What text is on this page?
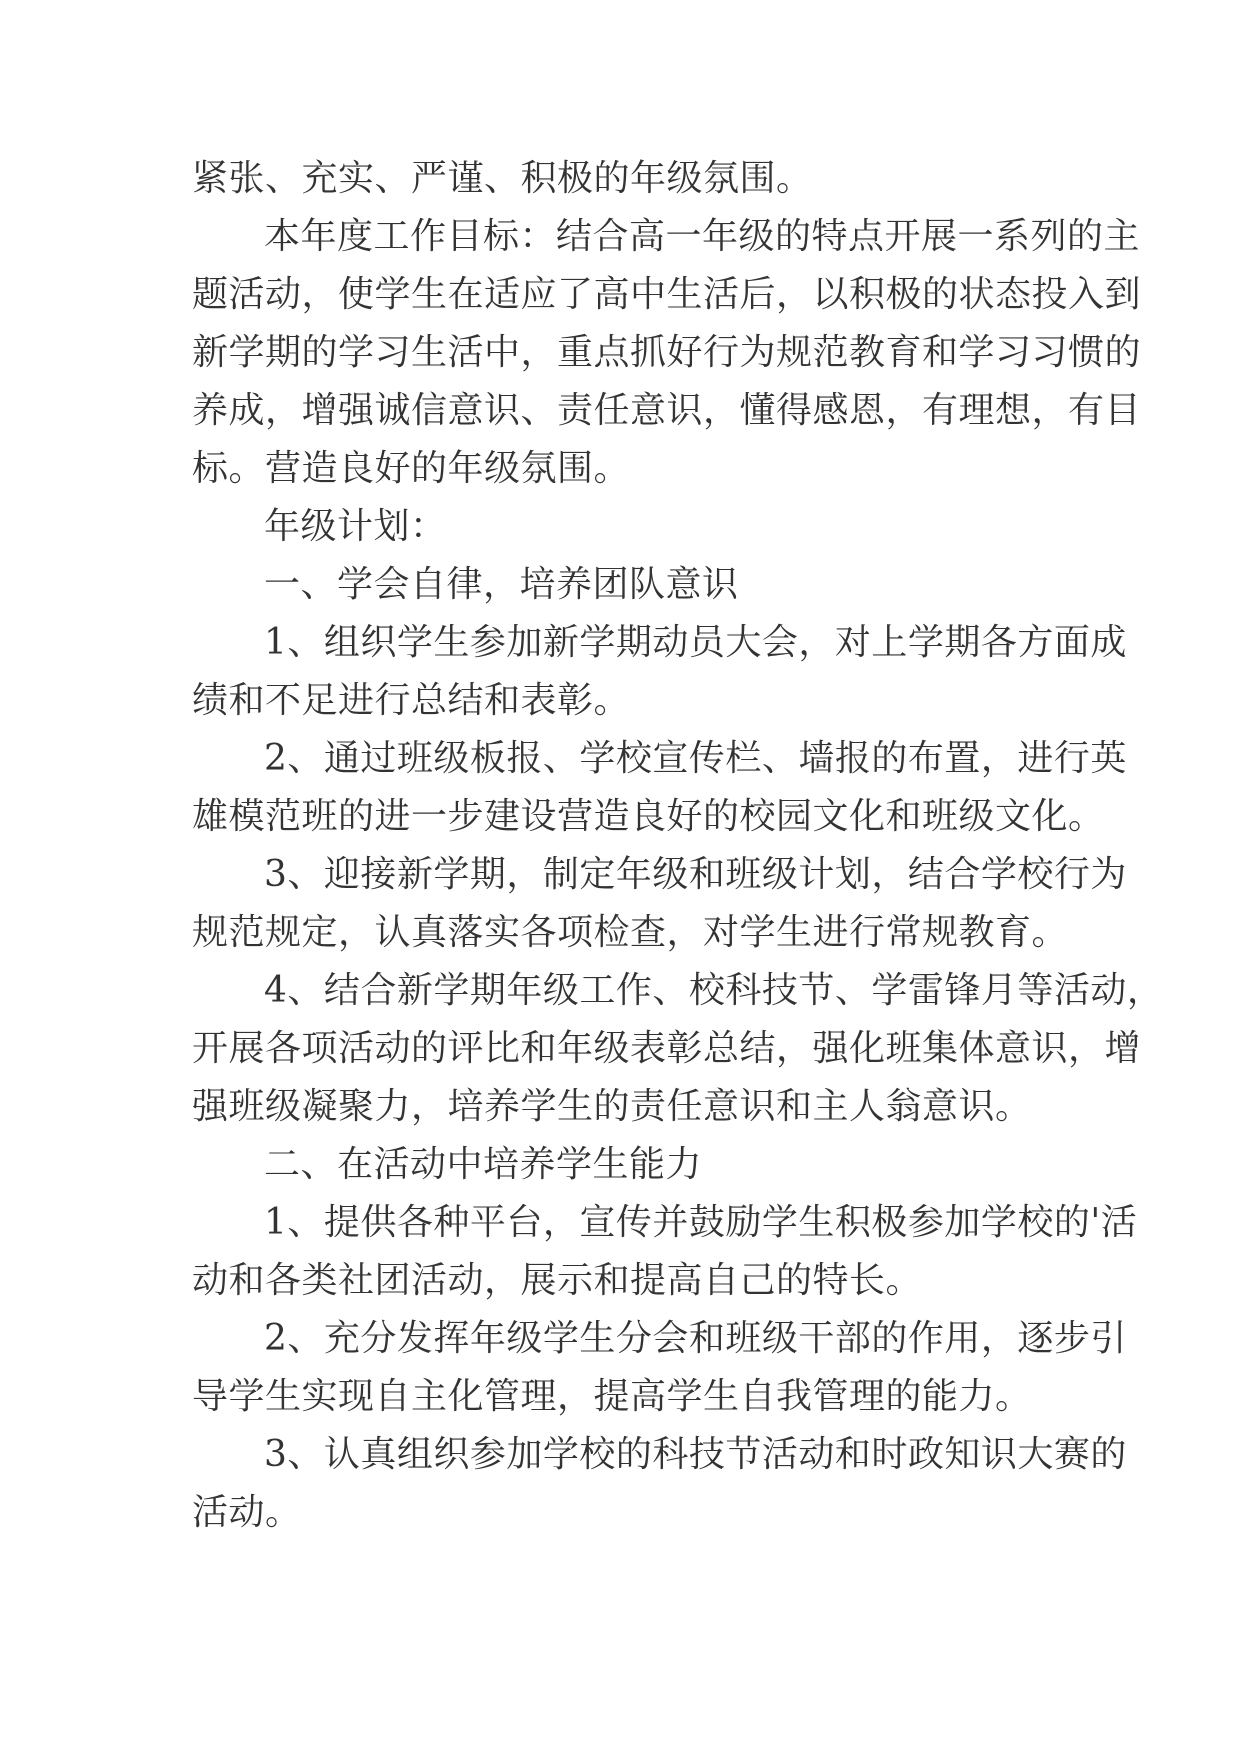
紧张、充实、严谨、积极的年级氛围。
本年度工作目标：结合高一年级的特点开展一系列的主
题活动，使学生在适应了高中生活后，以积极的状态投入到
新学期的学习生活中，重点抓好行为规范教育和学习习惯的
养成，增强诚信意识、责任意识，懂得感恩，有理想，有目
标。营造良好的年级氛围。
年级计划：
一、学会自律，培养团队意识
1、组织学生参加新学期动员大会，对上学期各方面成
绩和不足进行总结和表彰。
2、通过班级板报、学校宣传栏、墙报的布置，进行英
雄模范班的进一步建设营造良好的校园文化和班级文化。
3、迎接新学期，制定年级和班级计划，结合学校行为
规范规定，认真落实各项检查，对学生进行常规教育。
4、结合新学期年级工作、校科技节、学雷锋月等活动，
开展各项活动的评比和年级表彰总结，强化班集体意识，增
强班级凝聚力，培养学生的责任意识和主人翁意识。
二、在活动中培养学生能力
1、提供各种平台，宣传并鼓励学生积极参加学校的'活
动和各类社团活动，展示和提高自己的特长。
2、充分发挥年级学生分会和班级干部的作用，逐步引
导学生实现自主化管理，提高学生自我管理的能力。
3、认真组织参加学校的科技节活动和时政知识大赛的
活动。
